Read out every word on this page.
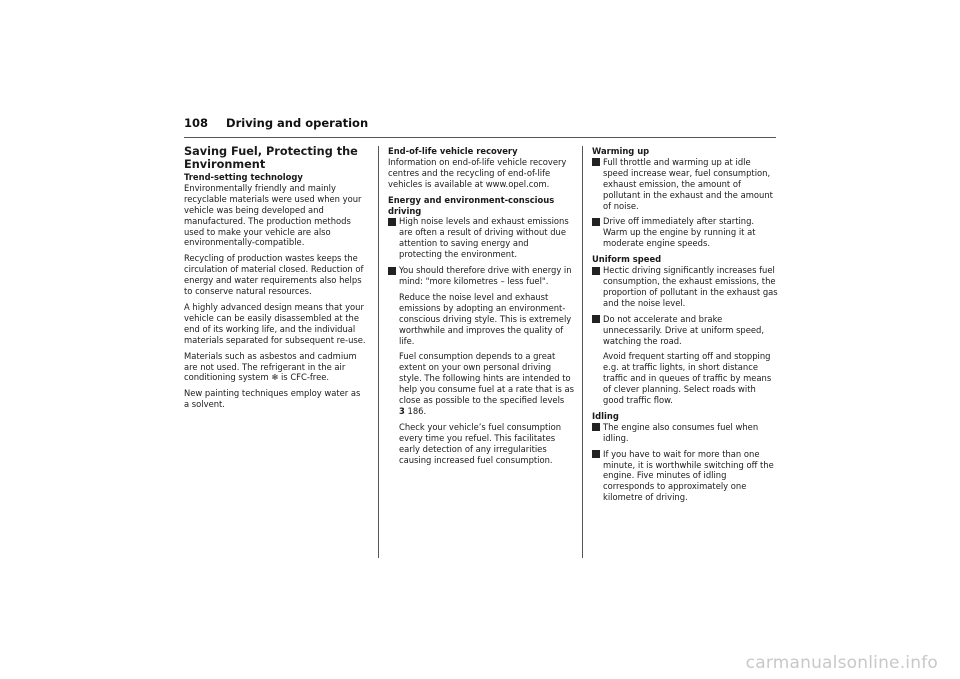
108 Driving and operation
Saving Fuel, Protecting the Environment
Trend-setting technology

Environmentally friendly and mainly recyclable materials were used when your vehicle was being developed and manufactured. The production methods used to make your vehicle are also environmentally-compatible.

Recycling of production wastes keeps the circulation of material closed. Reduction of energy and water requirements also helps to conserve natural resources.

A highly advanced design means that your vehicle can be easily disassembled at the end of its working life, and the individual materials separated for subsequent re-use.

Materials such as asbestos and cadmium are not used. The refrigerant in the air conditioning system ❄ is CFC-free.

New painting techniques employ water as a solvent.

End-of-life vehicle recovery

Information on end-of-life vehicle recovery centres and the recycling of end-of-life vehicles is available at www.opel.com.

Energy and environment-conscious driving
High noise levels and exhaust emissions are often a result of driving without due attention to saving energy and protecting the environment.
You should therefore drive with energy in mind: "more kilometres – less fuel".

Reduce the noise level and exhaust emissions by adopting an environment-conscious driving style. This is extremely worthwhile and improves the quality of life.

Fuel consumption depends to a great extent on your own personal driving style. The following hints are intended to help you consume fuel at a rate that is as close as possible to the specified levels
3 186.

Check your vehicle’s fuel consumption every time you refuel. This facilitates early detection of any irregularities causing increased fuel consumption.

Warming up
Full throttle and warming up at idle speed increase wear, fuel consumption, exhaust emission, the amount of pollutant in the exhaust and the amount of noise.
Drive off immediately after starting. Warm up the engine by running it at moderate engine speeds.
Uniform speed
Hectic driving significantly increases fuel consumption, the exhaust emissions, the proportion of pollutant in the exhaust gas and the noise level.
Do not accelerate and brake unnecessarily. Drive at uniform speed, watching the road.

Avoid frequent starting off and stopping e.g. at traffic lights, in short distance traffic and in queues of traffic by means of clever planning. Select roads with good traffic flow.

Idling
The engine also consumes fuel when idling.
If you have to wait for more than one minute, it is worthwhile switching off the engine. Five minutes of idling corresponds to approximately one kilometre of driving.
carmanualsonline.info
